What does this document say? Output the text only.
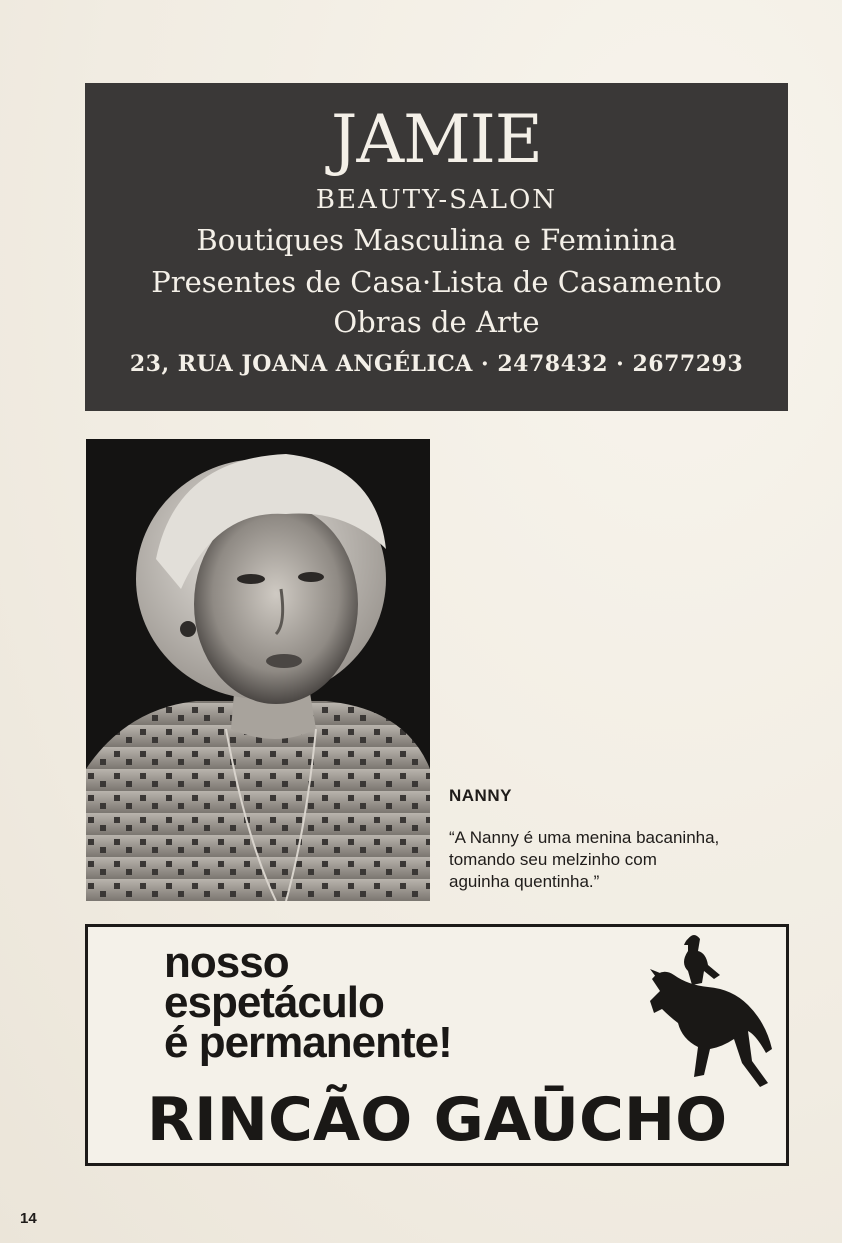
JAMIE
BEAUTY-SALON
Boutiques Masculina e Feminina
Presentes de Casa·Lista de Casamento
Obras de Arte
23, RUA JOANA ANGÉLICA · 2478432 · 2677293
NANNY
“A Nanny é uma menina bacaninha,
tomando seu melzinho com
aguinha quentinha.”
nosso
espetáculo
é permanente!
RINCÃO GAŪCHO
14
